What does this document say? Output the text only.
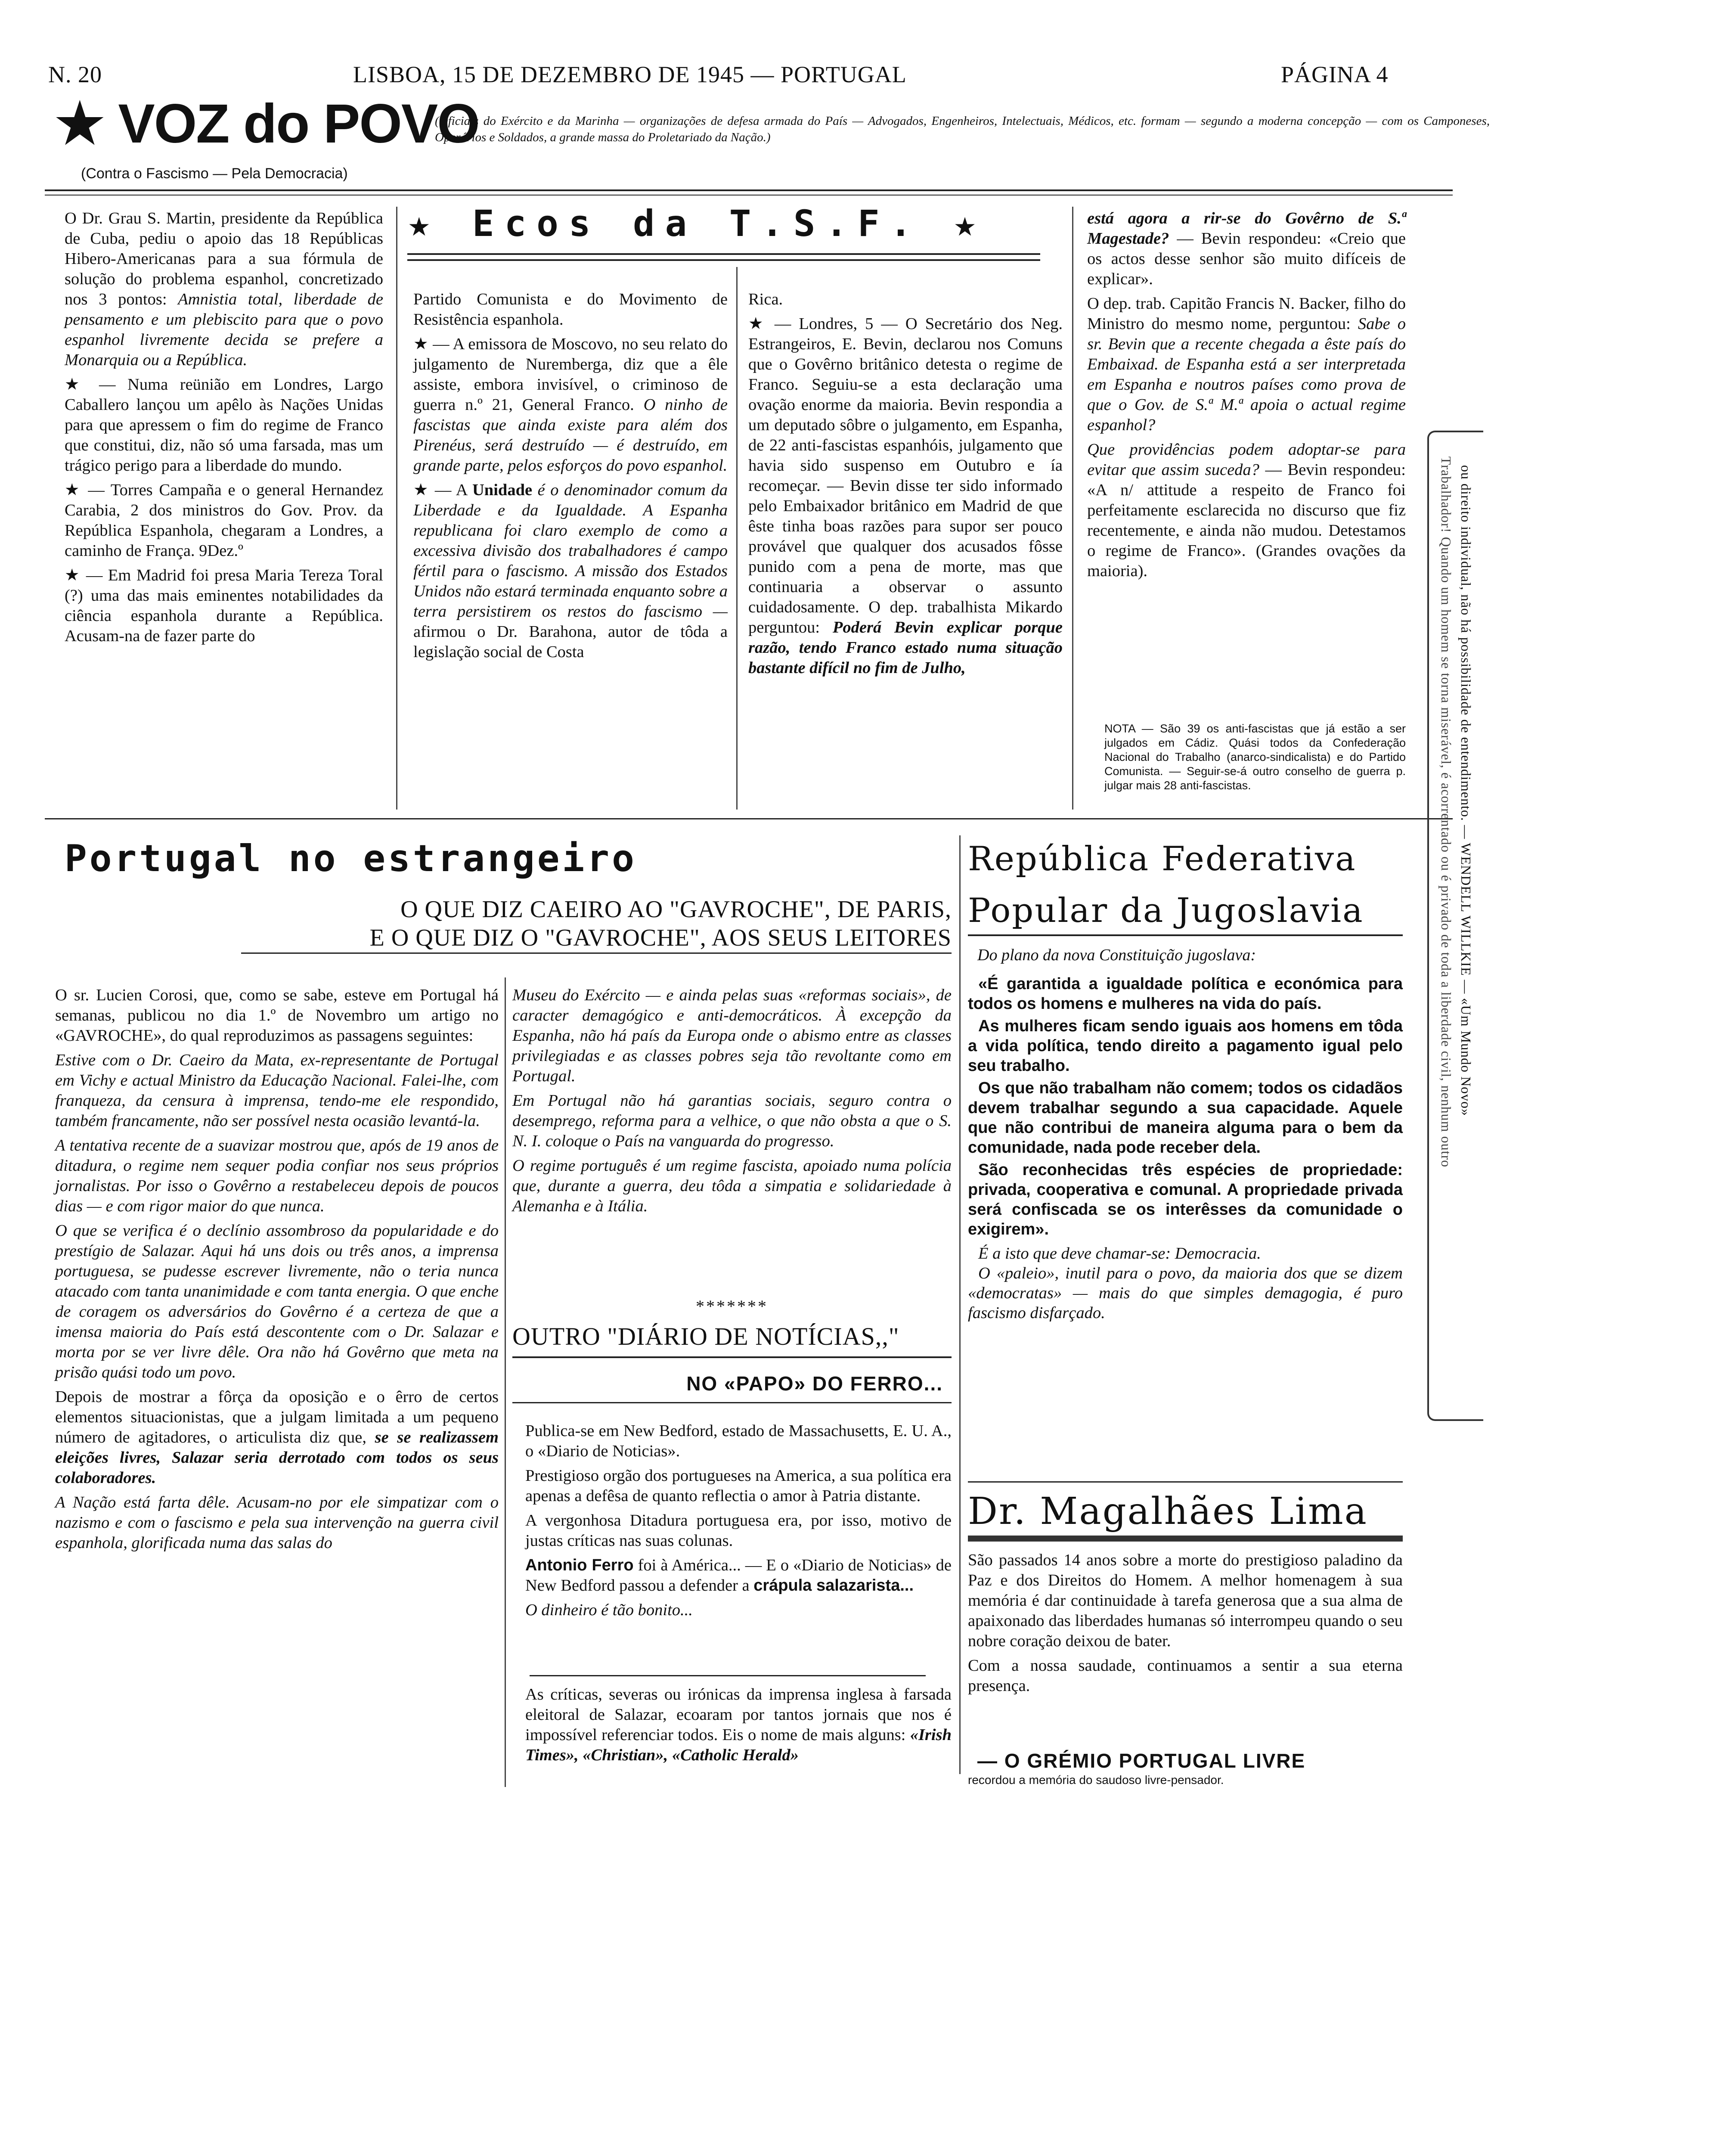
N. 20	LISBOA, 15 DE DEZEMBRO DE 1945 — PORTUGAL	PÁGINA 4
★ VOZ do POVO
(Contra o Fascismo — Pela Democracia)
(Oficiais do Exército e da Marinha — organizações de defesa armada do País — Advogados, Engenheiros, Intelectuais, Médicos, etc. formam — segundo a moderna concepção — com os Camponeses, Operários e Soldados, a grande massa do Proletariado da Nação.)
★ Ecos da T.S.F. ★

O Dr. Grau S. Martin, presidente da República de Cuba, pediu o apoio das 18 Repúblicas Hibero-Americanas para a sua fórmula de solução do problema espanhol, concretizado nos 3 pontos: Amnistia total, liberdade de pensamento e um plebiscito para que o povo espanhol livremente decida se prefere a Monarquia ou a República.

★ — Numa reünião em Londres, Largo Caballero lançou um apêlo às Nações Unidas para que apressem o fim do regime de Franco que constitui, diz, não só uma farsada, mas um trágico perigo para a liberdade do mundo.

★ — Torres Campaña e o general Hernandez Carabia, 2 dos ministros do Gov. Prov. da República Espanhola, chegaram a Londres, a caminho de França. 9Dez.º

★ — Em Madrid foi presa Maria Tereza Toral (?) uma das mais eminentes notabilidades da ciência espanhola durante a República. Acusam-na de fazer parte do

Partido Comunista e do Movimento de Resistência espanhola.

★ — A emissora de Moscovo, no seu relato do julgamento de Nuremberga, diz que a êle assiste, embora invisível, o criminoso de guerra n.º 21, General Franco. O ninho de fascistas que ainda existe para além dos Pirenéus, será destruído — é destruído, em grande parte, pelos esforços do povo espanhol.

★ — A Unidade é o denominador comum da Liberdade e da Igualdade. A Espanha republicana foi claro exemplo de como a excessiva divisão dos trabalhadores é campo fértil para o fascismo. A missão dos Estados Unidos não estará terminada enquanto sobre a terra persistirem os restos do fascismo — afirmou o Dr. Barahona, autor de tôda a legislação social de Costa

Rica.

★ — Londres, 5 — O Secretário dos Neg. Estrangeiros, E. Bevin, declarou nos Comuns que o Govêrno britânico detesta o regime de Franco. Seguiu-se a esta declaração uma ovação enorme da maioria. Bevin respondia a um deputado sôbre o julgamento, em Espanha, de 22 anti-fascistas espanhóis, julgamento que havia sido suspenso em Outubro e ía recomeçar. — Bevin disse ter sido informado pelo Embaixador britânico em Madrid de que êste tinha boas razões para supor ser pouco provável que qualquer dos acusados fôsse punido com a pena de morte, mas que continuaria a observar o assunto cuidadosamente. O dep. trabalhista Mikardo perguntou: Poderá Bevin explicar porque razão, tendo Franco estado numa situação bastante difícil no fim de Julho,

está agora a rir-se do Govêrno de S.ª Magestade? — Bevin respondeu: «Creio que os actos desse senhor são muito difíceis de explicar».

O dep. trab. Capitão Francis N. Backer, filho do Ministro do mesmo nome, perguntou: Sabe o sr. Bevin que a recente chegada a êste país do Embaixad. de Espanha está a ser interpretada em Espanha e noutros países como prova de que o Gov. de S.ª M.ª apoia o actual regime espanhol?

Que providências podem adoptar-se para evitar que assim suceda? — Bevin respondeu: «A n/ attitude a respeito de Franco foi perfeitamente esclarecida no discurso que fiz recentemente, e ainda não mudou. Detestamos o regime de Franco». (Grandes ovações da maioria).

NOTA — São 39 os anti-fascistas que já estão a ser julgados em Cádiz. Quási todos da Confederação Nacional do Trabalho (anarco-sindicalista) e do Partido Comunista. — Seguir-se-á outro conselho de guerra p. julgar mais 28 anti-fascistas.	Trabalhador! Quando um homem se torna miserável, é acorrentado ou é privado de toda a liberdade civil, nenhum outro ou direito individual, não há possibilidade de entendimento. — WENDELL WILLKIE — «Um Mundo Novo»
Portugal no estrangeiro
O QUE DIZ CAEIRO AO "GAVROCHE", DE PARIS,
E O QUE DIZ O "GAVROCHE", AOS SEUS LEITORES

O sr. Lucien Corosi, que, como se sabe, esteve em Portugal há semanas, publicou no dia 1.º de Novembro um artigo no «GAVROCHE», do qual reproduzimos as passagens seguintes:

Estive com o Dr. Caeiro da Mata, ex-representante de Portugal em Vichy e actual Ministro da Educação Nacional. Falei-lhe, com franqueza, da censura à imprensa, tendo-me ele respondido, também francamente, não ser possível nesta ocasião levantá-la.

A tentativa recente de a suavizar mostrou que, após de 19 anos de ditadura, o regime nem sequer podia confiar nos seus próprios jornalistas. Por isso o Govêrno a restabeleceu depois de poucos dias — e com rigor maior do que nunca.

O que se verifica é o declínio assombroso da popularidade e do prestígio de Salazar. Aqui há uns dois ou três anos, a imprensa portuguesa, se pudesse escrever livremente, não o teria nunca atacado com tanta unanimidade e com tanta energia. O que enche de coragem os adversários do Govêrno é a certeza de que a imensa maioria do País está descontente com o Dr. Salazar e morta por se ver livre dêle. Ora não há Govêrno que meta na prisão quási todo um povo.

Depois de mostrar a fôrça da oposição e o êrro de certos elementos situacionistas, que a julgam limitada a um pequeno número de agitadores, o articulista diz que, se se realizassem eleições livres, Salazar seria derrotado com todos os seus colaboradores.

A Nação está farta dêle. Acusam-no por ele simpatizar com o nazismo e com o fascismo e pela sua intervenção na guerra civil espanhola, glorificada numa das salas do

Museu do Exército — e ainda pelas suas «reformas sociais», de caracter demagógico e anti-democráticos. À excepção da Espanha, não há país da Europa onde o abismo entre as classes privilegiadas e as classes pobres seja tão revoltante como em Portugal.

Em Portugal não há garantias sociais, seguro contra o desemprego, reforma para a velhice, o que não obsta a que o S. N. I. coloque o País na vanguarda do progresso.

O regime português é um regime fascista, apoiado numa polícia que, durante a guerra, deu tôda a simpatia e solidariedade à Alemanha e à Itália.

*******
OUTRO "DIÁRIO DE NOTÍCIAS,,"
NO «PAPO» DO FERRO...

Publica-se em New Bedford, estado de Massachusetts, E. U. A., o «Diario de Noticias».

Prestigioso orgão dos portugueses na America, a sua política era apenas a defêsa de quanto reflectia o amor à Patria distante.

A vergonhosa Ditadura portuguesa era, por isso, motivo de justas críticas nas suas colunas.

Antonio Ferro foi à América... — E o «Diario de Noticias» de New Bedford passou a defender a crápula salazarista...

O dinheiro é tão bonito...

As críticas, severas ou irónicas da imprensa inglesa à farsada eleitoral de Salazar, ecoaram por tantos jornais que nos é impossível referenciar todos. Eis o nome de mais alguns: «Irish Times», «Christian», «Catholic Herald»

República Federativa
Popular da Jugoslavia
Do plano da nova Constituição jugoslava:

«É garantida a igualdade política e económica para todos os homens e mulheres na vida do país.

As mulheres ficam sendo iguais aos homens em tôda a vida política, tendo direito a pagamento igual pelo seu trabalho.

Os que não trabalham não comem; todos os cidadãos devem trabalhar segundo a sua capacidade. Aquele que não contribui de maneira alguma para o bem da comunidade, nada pode receber dela.

São reconhecidas três espécies de propriedade: privada, cooperativa e comunal. A propriedade privada será confiscada se os interêsses da comunidade o exigirem».

É a isto que deve chamar-se: Democracia.

O «paleio», inutil para o povo, da maioria dos que se dizem «democratas» — mais do que simples demagogia, é puro fascismo disfarçado.

Dr. Magalhães Lima

São passados 14 anos sobre a morte do prestigioso paladino da Paz e dos Direitos do Homem. A melhor homenagem à sua memória é dar continuidade à tarefa generosa que a sua alma de apaixonado das liberdades humanas só interrompeu quando o seu nobre coração deixou de bater.

Com a nossa saudade, continuamos a sentir a sua eterna presença.

— O GRÉMIO PORTUGAL LIVRE
recordou a memória do saudoso livre-pensador.
